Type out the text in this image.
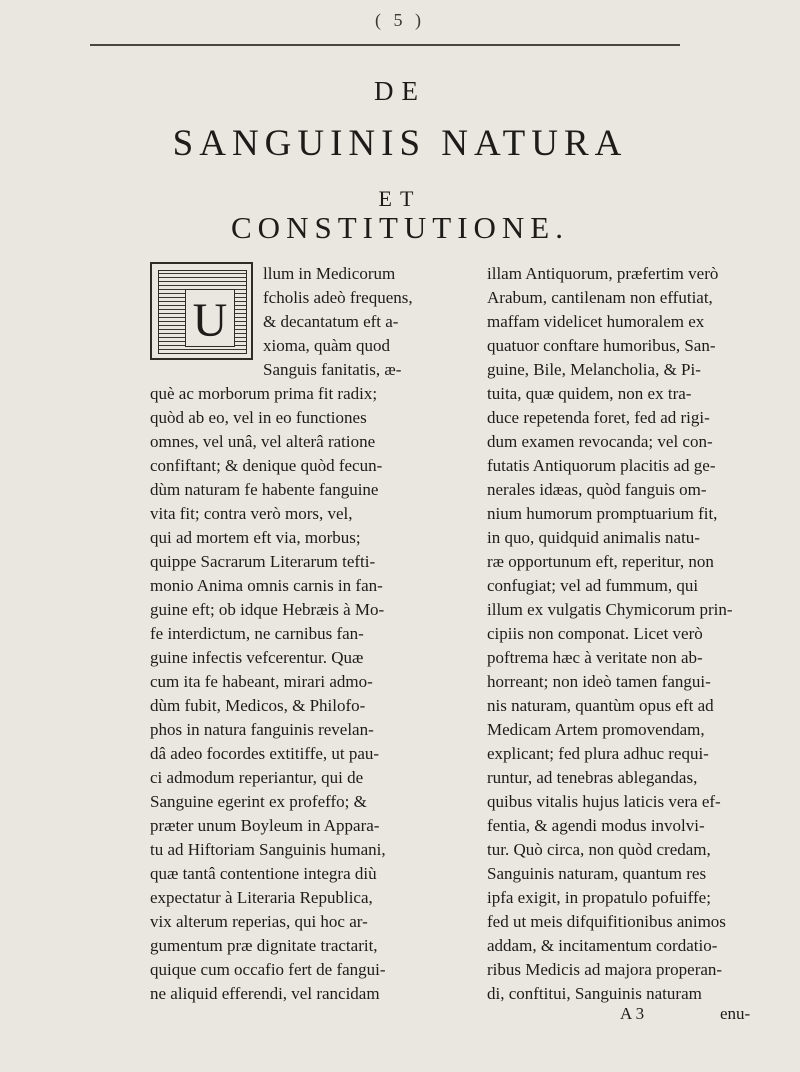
( 5 )
DE
SANGUINIS NATURA
ET
CONSTITUTIONE.
U

llum in Medicorum

fcholis adeò frequens,

& decantatum eft a-

xioma, quàm quod

Sanguis fanitatis, æ-

què ac morborum prima fit radix;

quòd ab eo, vel in eo functiones

omnes, vel unâ, vel alterâ ratione

confiftant; & denique quòd fecun-

dùm naturam fe habente fanguine

vita fit; contra verò mors, vel,

qui ad mortem eft via, morbus;

quippe Sacrarum Literarum tefti-

monio Anima omnis carnis in fan-

guine eft; ob idque Hebræis à Mo-

fe interdictum, ne carnibus fan-

guine infectis vefcerentur. Quæ

cum ita fe habeant, mirari admo-

dùm fubit, Medicos, & Philofo-

phos in natura fanguinis revelan-

dâ adeo focordes extitiffe, ut pau-

ci admodum reperiantur, qui de

Sanguine egerint ex profeffo; &

præter unum Boyleum in Appara-

tu ad Hiftoriam Sanguinis humani,

quæ tantâ contentione integra diù

expectatur à Literaria Republica,

vix alterum reperias, qui hoc ar-

gumentum præ dignitate tractarit,

quique cum occafio fert de fangui-

ne aliquid efferendi, vel rancidam

illam Antiquorum, præfertim verò

Arabum, cantilenam non effutiat,

maffam videlicet humoralem ex

quatuor conftare humoribus, San-

guine, Bile, Melancholia, & Pi-

tuita, quæ quidem, non ex tra-

duce repetenda foret, fed ad rigi-

dum examen revocanda; vel con-

futatis Antiquorum placitis ad ge-

nerales idæas, quòd fanguis om-

nium humorum promptuarium fit,

in quo, quidquid animalis natu-

ræ opportunum eft, reperitur, non

confugiat; vel ad fummum, qui

illum ex vulgatis Chymicorum prin-

cipiis non componat. Licet verò

poftrema hæc à veritate non ab-

horreant; non ideò tamen fangui-

nis naturam, quantùm opus eft ad

Medicam Artem promovendam,

explicant; fed plura adhuc requi-

runtur, ad tenebras ablegandas,

quibus vitalis hujus laticis vera ef-

fentia, & agendi modus involvi-

tur. Quò circa, non quòd credam,

Sanguinis naturam, quantum res

ipfa exigit, in propatulo pofuiffe;

fed ut meis difquifitionibus animos

addam, & incitamentum cordatio-

ribus Medicis ad majora properan-

di, conftitui, Sanguinis naturam

A 3	enu-
